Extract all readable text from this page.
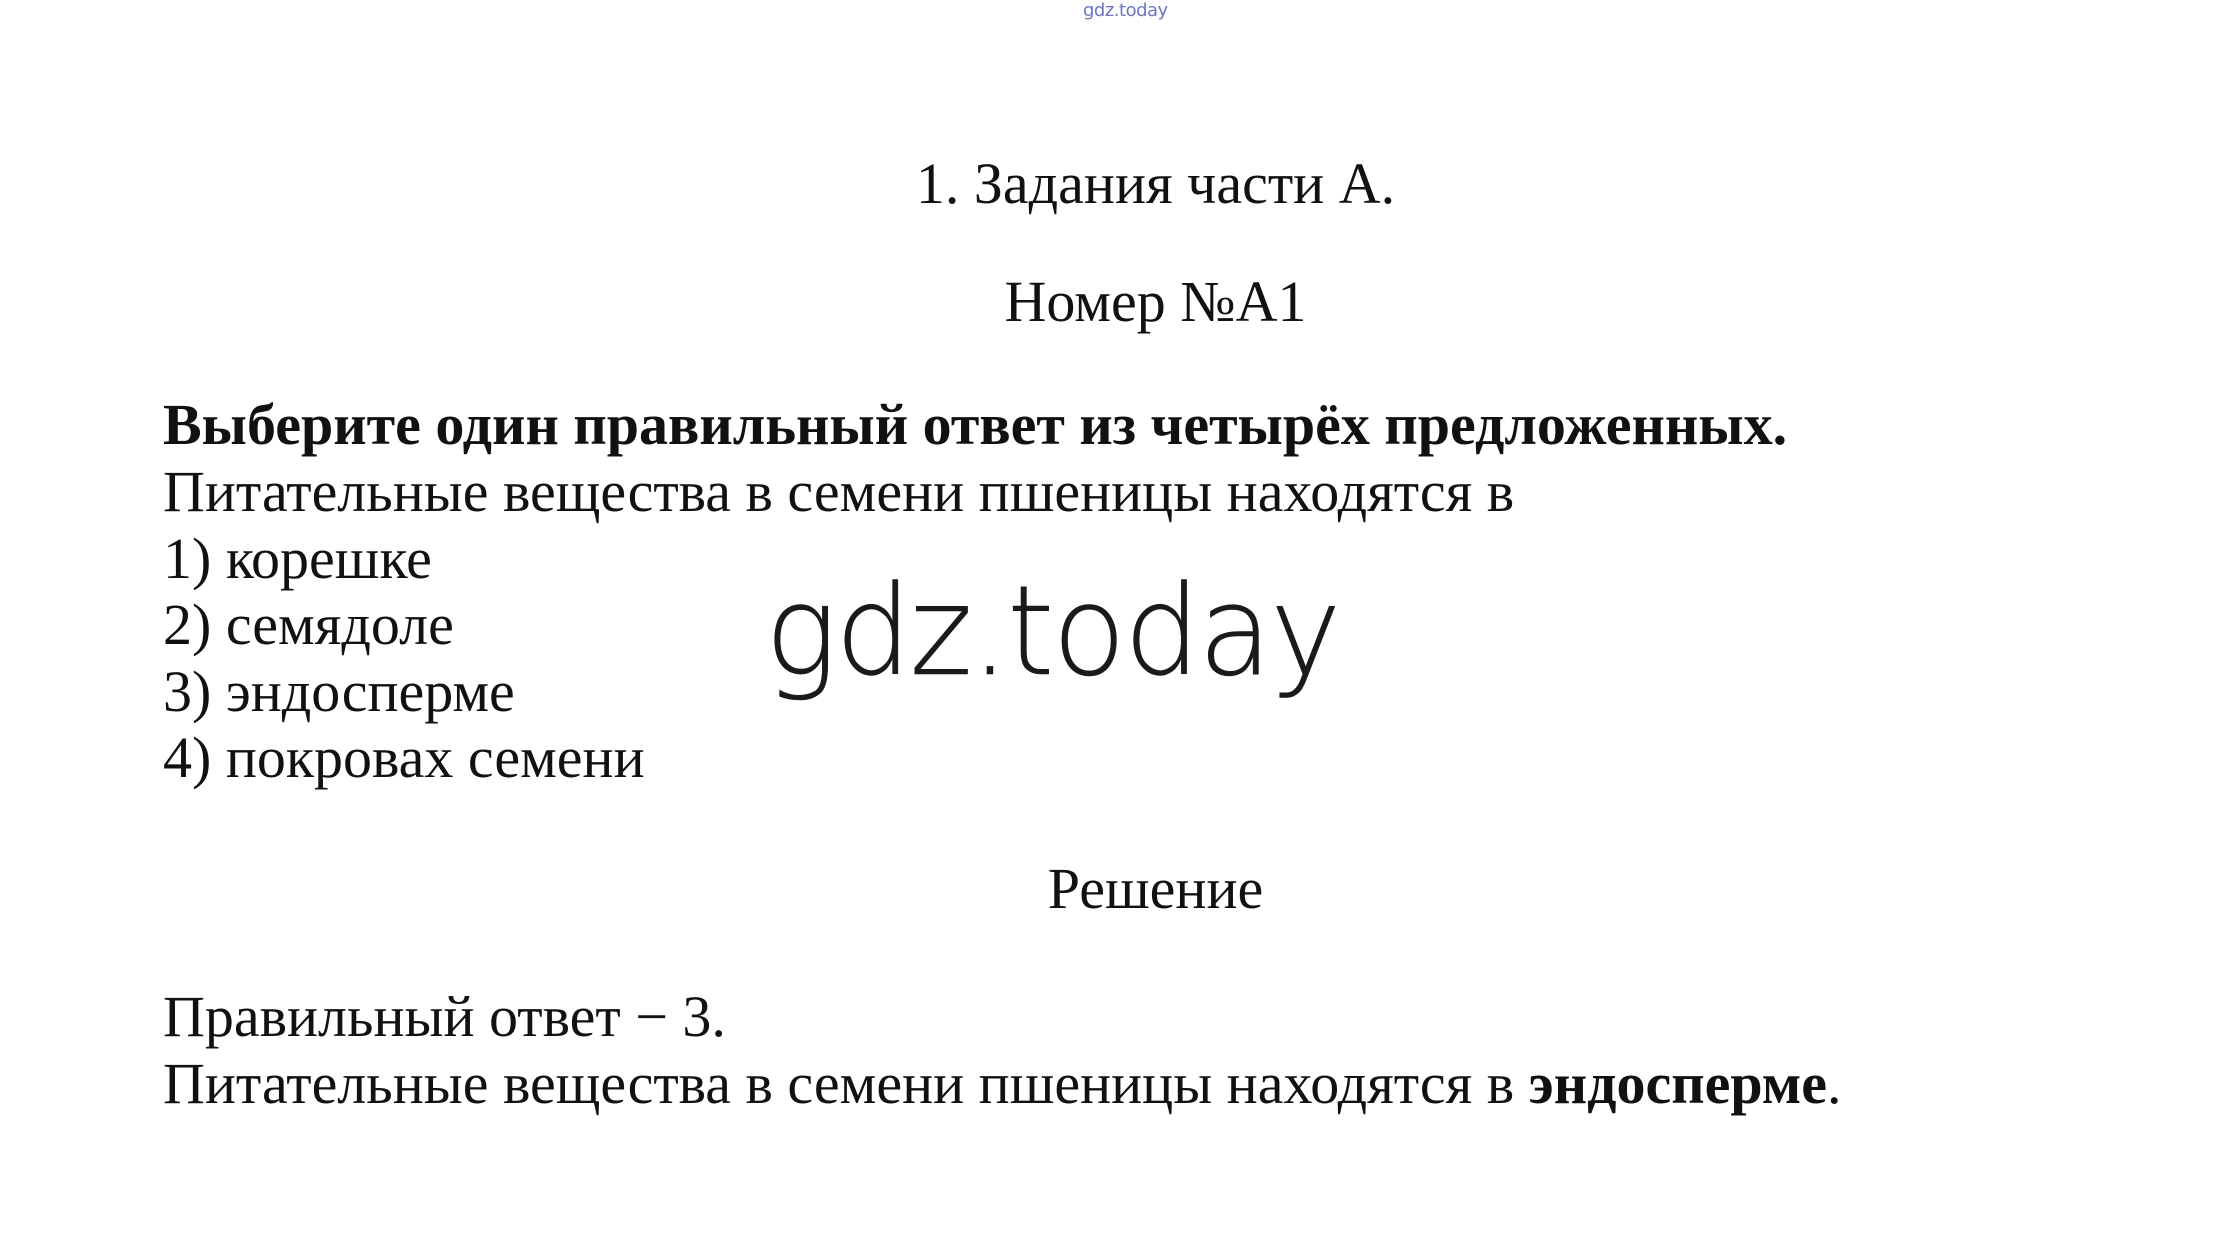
gdz.today
1. Задания части А.
Номер №А1
Выберите один правильный ответ из четырёх предложенных.
Питательные вещества в семени пшеницы находятся в
1) корешке
2) семядоле
3) эндосперме
4) покровах семени
gdz.today
Решение
Правильный ответ − 3.
Питательные вещества в семени пшеницы находятся в эндосперме.
